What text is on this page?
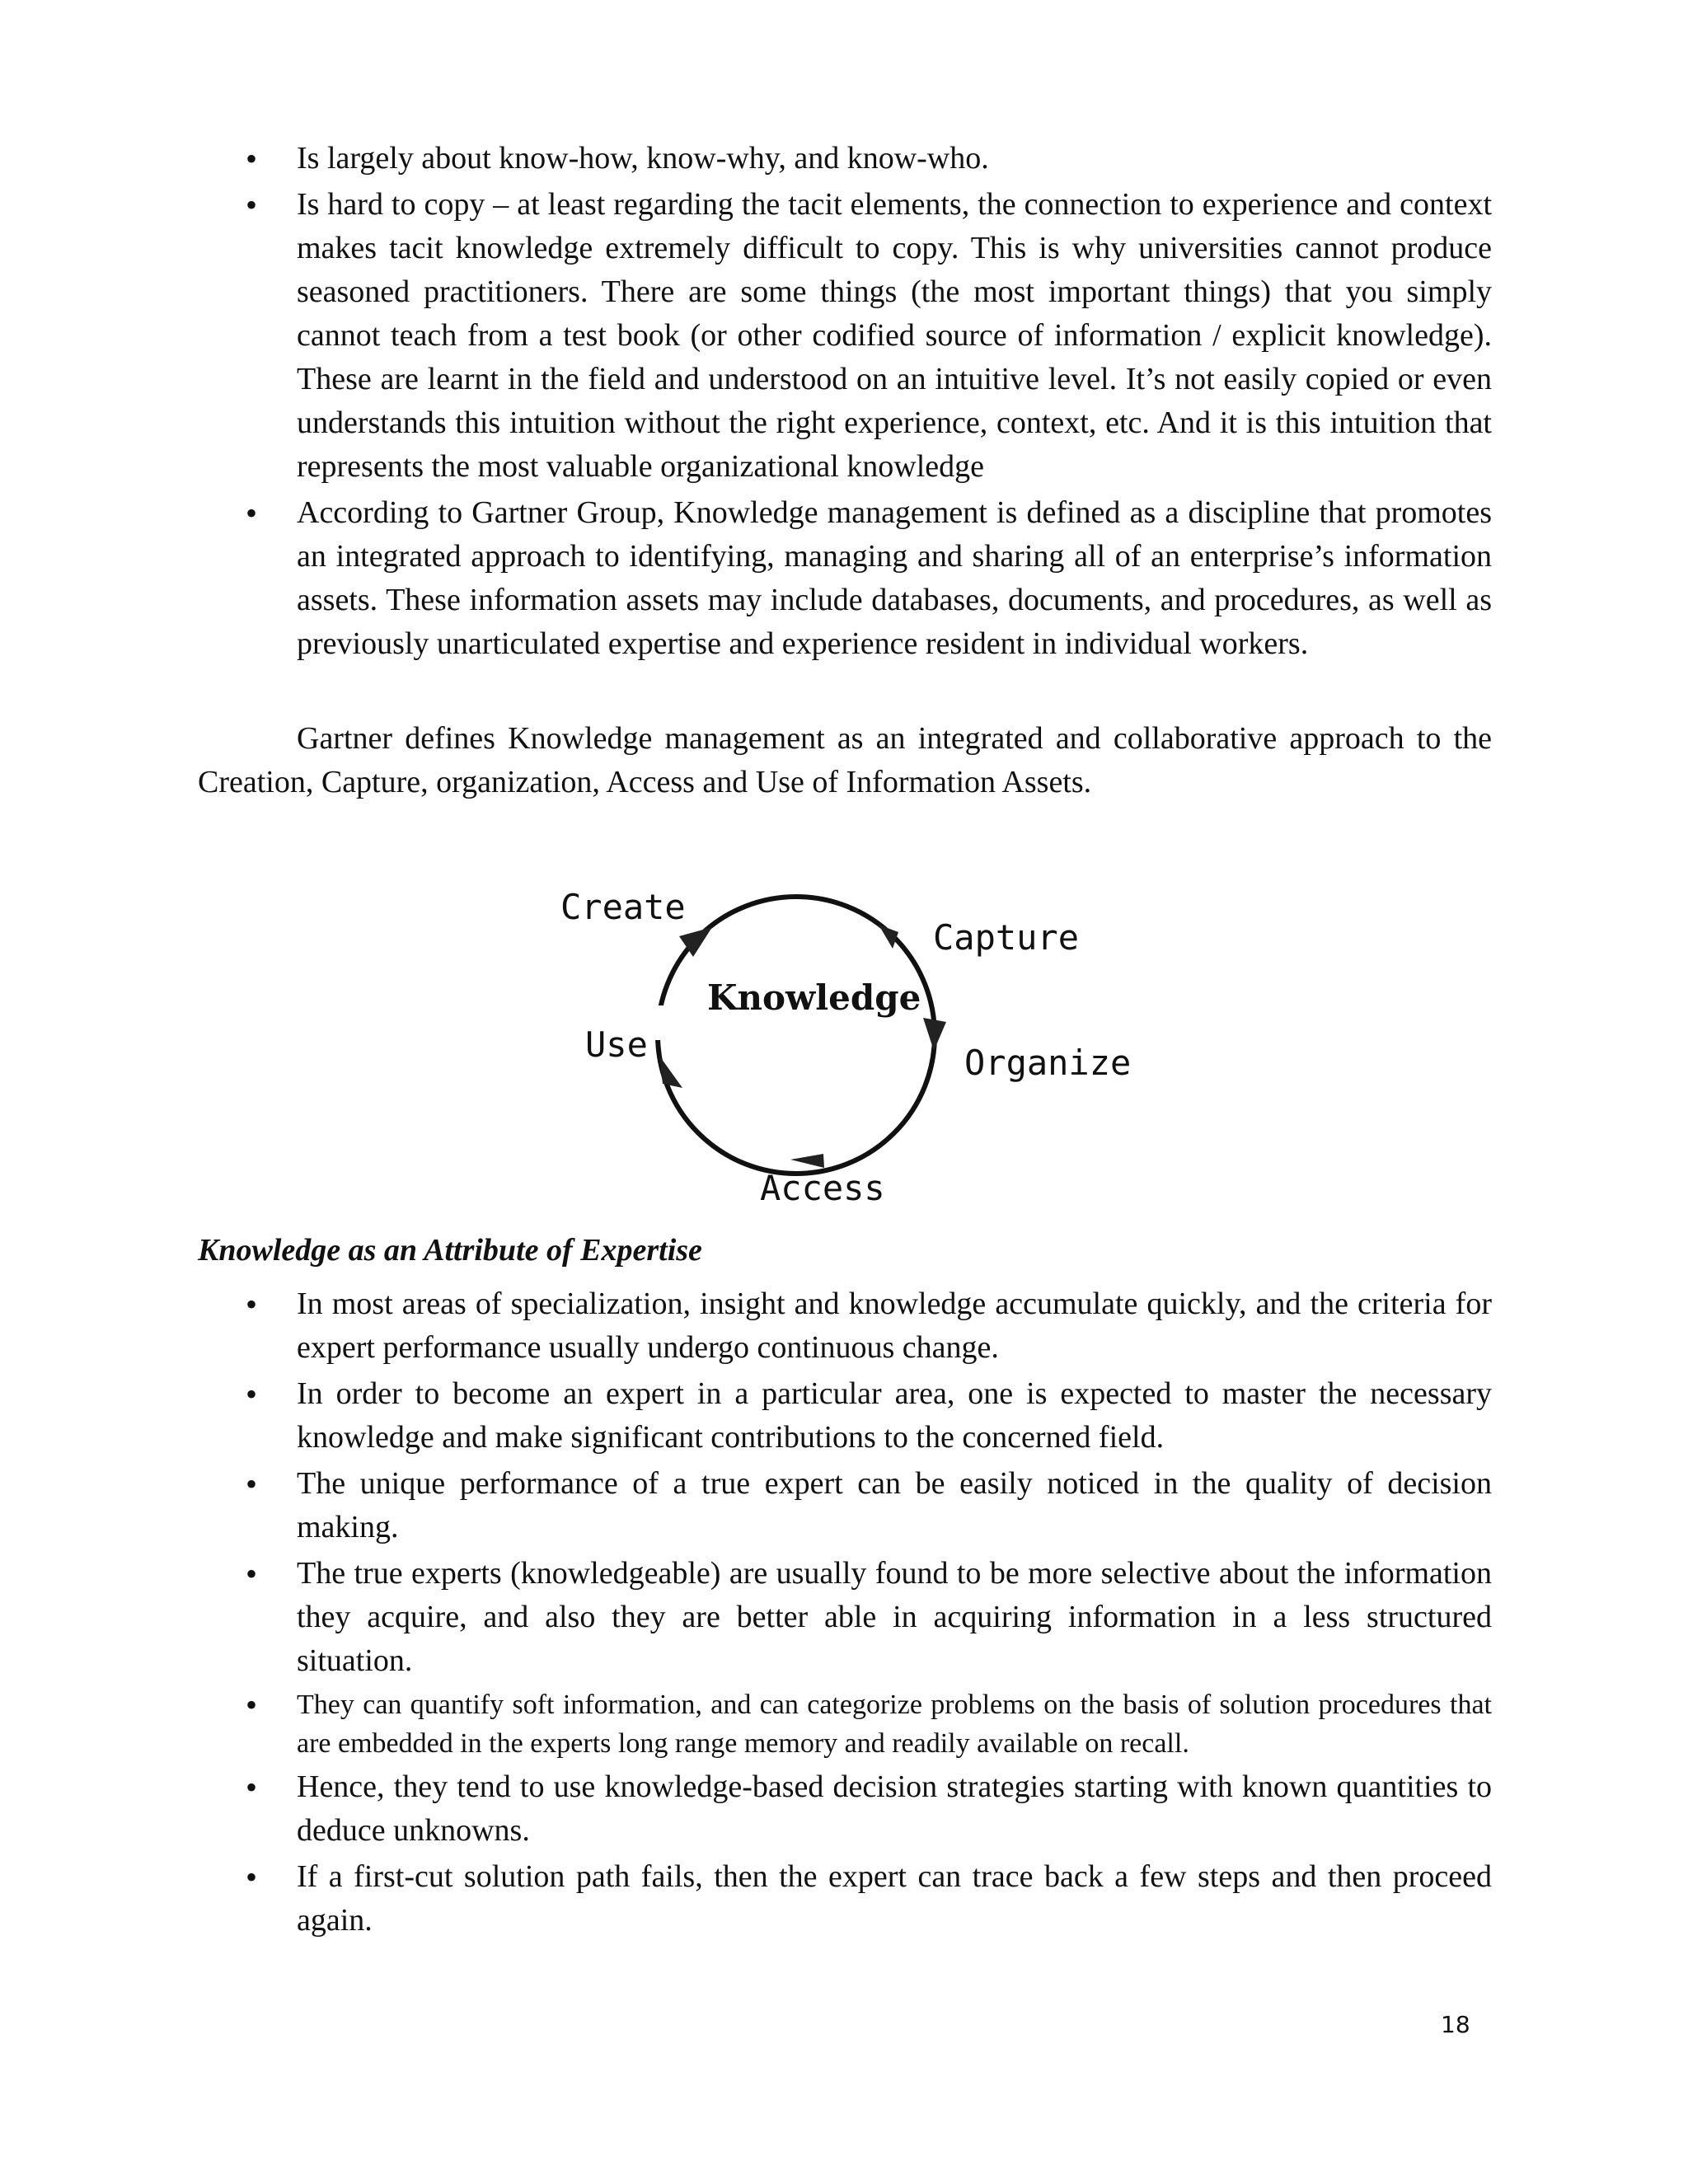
• Is largely about know-how, know-why, and know-who.
• Is hard to copy – at least regarding the tacit elements, the connection to experience and context makes tacit knowledge extremely difficult to copy. This is why universities cannot produce seasoned practitioners. There are some things (the most important things) that you simply cannot teach from a test book (or other codified source of information / explicit knowledge). These are learnt in the field and understood on an intuitive level. It’s not easily copied or even understands this intuition without the right experience, context, etc. And it is this intuition that represents the most valuable organizational knowledge
• According to Gartner Group, Knowledge management is defined as a discipline that promotes an integrated approach to identifying, managing and sharing all of an enterprise’s information assets. These information assets may include databases, documents, and procedures, as well as previously unarticulated expertise and experience resident in individual workers.

Gartner defines Knowledge management as an integrated and collaborative approach to the Creation, Capture, organization, Access and Use of Information Assets.

Create
Capture
Organize
Access
Use
Knowledge

Knowledge as an Attribute of Expertise

• In most areas of specialization, insight and knowledge accumulate quickly, and the criteria for expert performance usually undergo continuous change.
• In order to become an expert in a particular area, one is expected to master the necessary knowledge and make significant contributions to the concerned field.
• The unique performance of a true expert can be easily noticed in the quality of decision making.
• The true experts (knowledgeable) are usually found to be more selective about the information they acquire, and also they are better able in acquiring information in a less structured situation.
• They can quantify soft information, and can categorize problems on the basis of solution procedures that are embedded in the experts long range memory and readily available on recall.
• Hence, they tend to use knowledge-based decision strategies starting with known quantities to deduce unknowns.
• If a first-cut solution path fails, then the expert can trace back a few steps and then proceed again.
18
